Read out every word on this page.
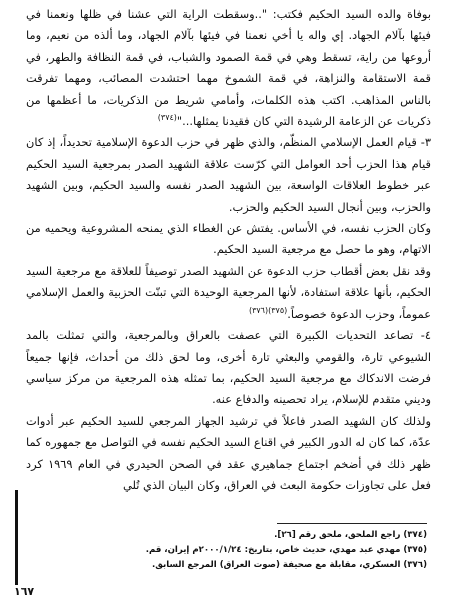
بوفاة والده السيد الحكيم فكتب: "..وسقطت الراية التي عشنا في ظلها ونعمنا في فيئها بآلام الجهاد. إي واله يا أخي نعمنا في فيئها بآلام الجهاد، وما ألذه من نعيم، وما أروعها من راية، تسقط وهي في قمة الصمود والشباب، في قمة النظافة والطهر، في قمة الاستقامة والنزاهة، في قمة الشموخ مهما احتشدت المصائب، ومهما تفرقت بالناس المذاهب. اكتب هذه الكلمات، وأمامي شريط من الذكريات، ما أعظمها من ذكريات عن الزعامة الرشيدة التي كان فقيدنا يمثلها..."$^{(٣٧٤)}$

٣- قيام العمل الإسلامي المنظّم، والذي ظهر في حزب الدعوة الإسلامية تحديداً، إذ كان قيام هذا الحزب أحد العوامل التي كرّست علاقة الشهيد الصدر بمرجعية السيد الحكيم عبر خطوط العلاقات الواسعة، بين الشهيد الصدر نفسه والسيد الحكيم، وبين الشهيد والحزب، وبين أنجال السيد الحكيم والحزب.

وكان الحزب نفسه، في الأساس. يفتش عن الغطاء الذي يمنحه المشروعية ويحميه من الاتهام، وهو ما حصل مع مرجعية السيد الحكيم.

وقد نقل بعض أقطاب حزب الدعوة عن الشهيد الصدر توصيفاً للعلاقة مع مرجعية السيد الحكيم، بأنها علاقة استفادة، لأنها المرجعية الوحيدة التي تبنّت الحزبية والعمل الإسلامي عموماً، وحزب الدعوة خصوصاً.$^{(٣٧٥)(٣٧٦)}$

٤- تصاعد التحديات الكبيرة التي عصفت بالعراق وبالمرجعية، والتي تمثلت بالمد الشيوعي تارة، والقومي والبعثي تارة أخرى، وما لحق ذلك من أحداث، فإنها جميعاً فرضت الاندكاك مع مرجعية السيد الحكيم، بما تمثله هذه المرجعية من مركز سياسي وديني متقدم للإسلام، يراد تحصينه والدفاع عنه.

ولذلك كان الشهيد الصدر فاعلاً في ترشيد الجهاز المرجعي للسيد الحكيم عبر أدوات عدّة، كما كان له الدور الكبير في اقناع السيد الحكيم نفسه في التواصل مع جمهوره كما ظهر ذلك في أضخم اجتماع جماهيري عقد في الصحن الحيدري في العام ١٩٦٩ كرد فعل على تجاوزات حكومة البعث في العراق، وكان البيان الذي تُلي

(٣٧٤) راجع الملحق، ملحق رقم [٢٦].

(٣٧٥) مهدي عبد مهدي، حديث خاص، بتاريخ: ٢٠٠٠/١/٢٤م إيران، قم.

(٣٧٦) العسكري، مقابلة مع صحيفة (صوت العراق) المرجع السابق.

١٦٧
